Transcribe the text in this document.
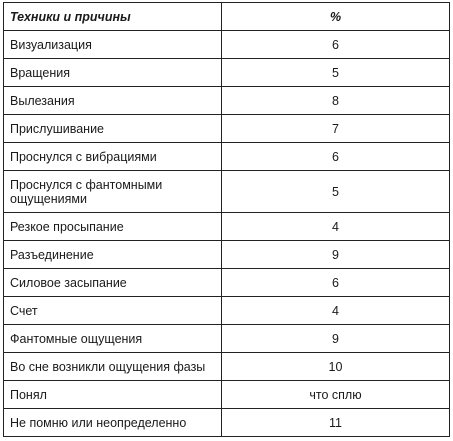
Техники и причины	%
Визуализация	6
Вращения	5
Вылезания	8
Прислушивание	7
Проснулся с вибрациями	6
Проснулся с фантомными ощущениями	5
Резкое просыпание	4
Разъединение	9
Силовое засыпание	6
Счет	4
Фантомные ощущения	9
Во сне возникли ощущения фазы	10
Понял	что сплю
Не помню или неопределенно	11
